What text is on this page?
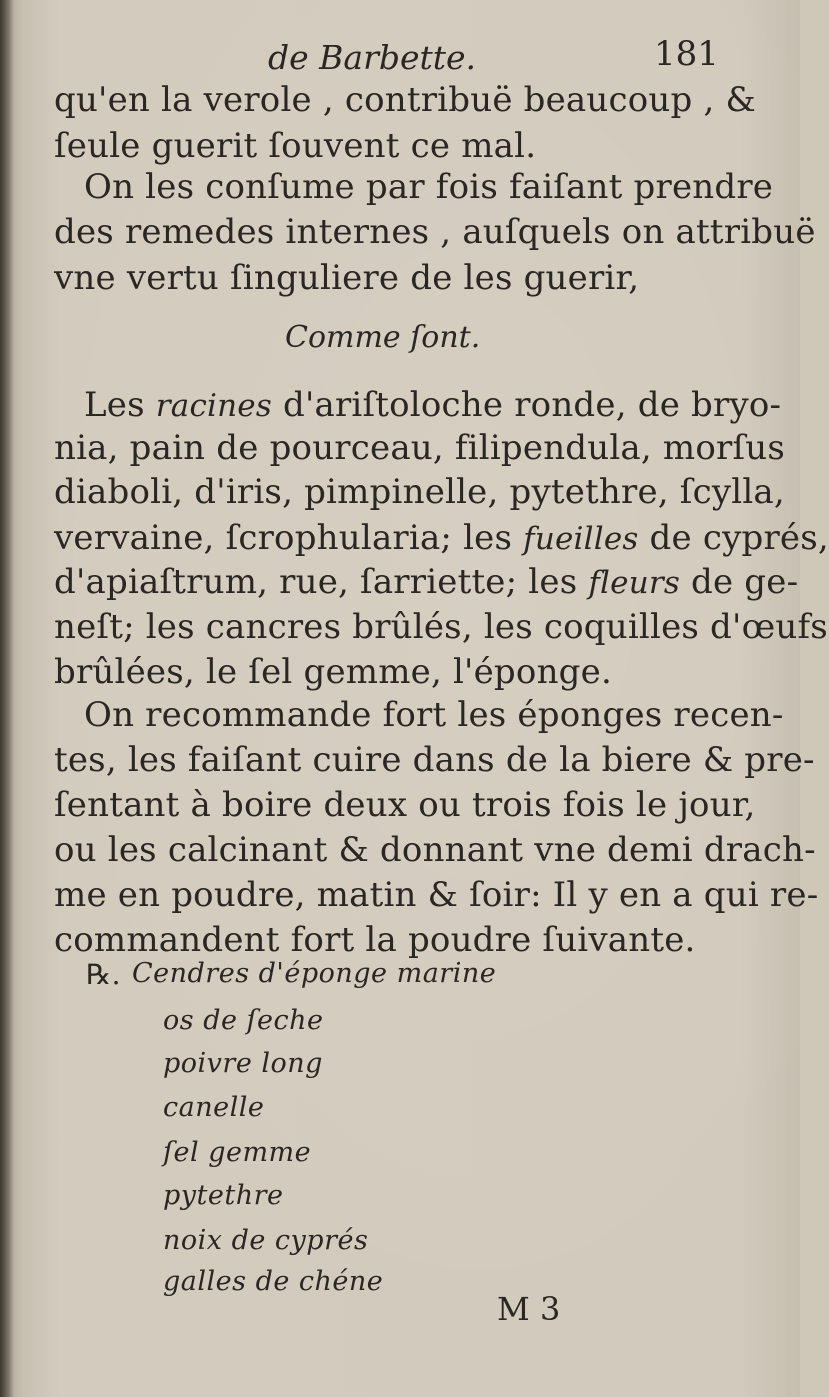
de Barbette.	181
qu'en la verole , contribuë beaucoup , &
ſeule guerit ſouvent ce mal.
On les conſume par fois faiſant prendre
des remedes internes , auſquels on attribuë
vne vertu ſinguliere de les guerir,
Comme ſont.
Les racines d'ariſtoloche ronde, de bryo-
nia, pain de pourceau, filipendula, morſus
diaboli, d'iris, pimpinelle, pytethre, ſcylla,
vervaine, ſcrophularia; les fueilles de cyprés,
d'apiaſtrum, rue, ſarriette; les fleurs de ge-
neſt; les cancres brûlés, les coquilles d'œufs
brûlées, le ſel gemme, l'éponge.
On recommande fort les éponges recen-
tes, les faiſant cuire dans de la biere & pre-
ſentant à boire deux ou trois fois le jour,
ou les calcinant & donnant vne demi drach-
me en poudre, matin & ſoir: Il y en a qui re-
commandent fort la poudre ſuivante.
℞. Cendres d'éponge marine
os de ſeche
poivre long
canelle
ſel gemme
pytethre
noix de cyprés
galles de chéne
M 3
